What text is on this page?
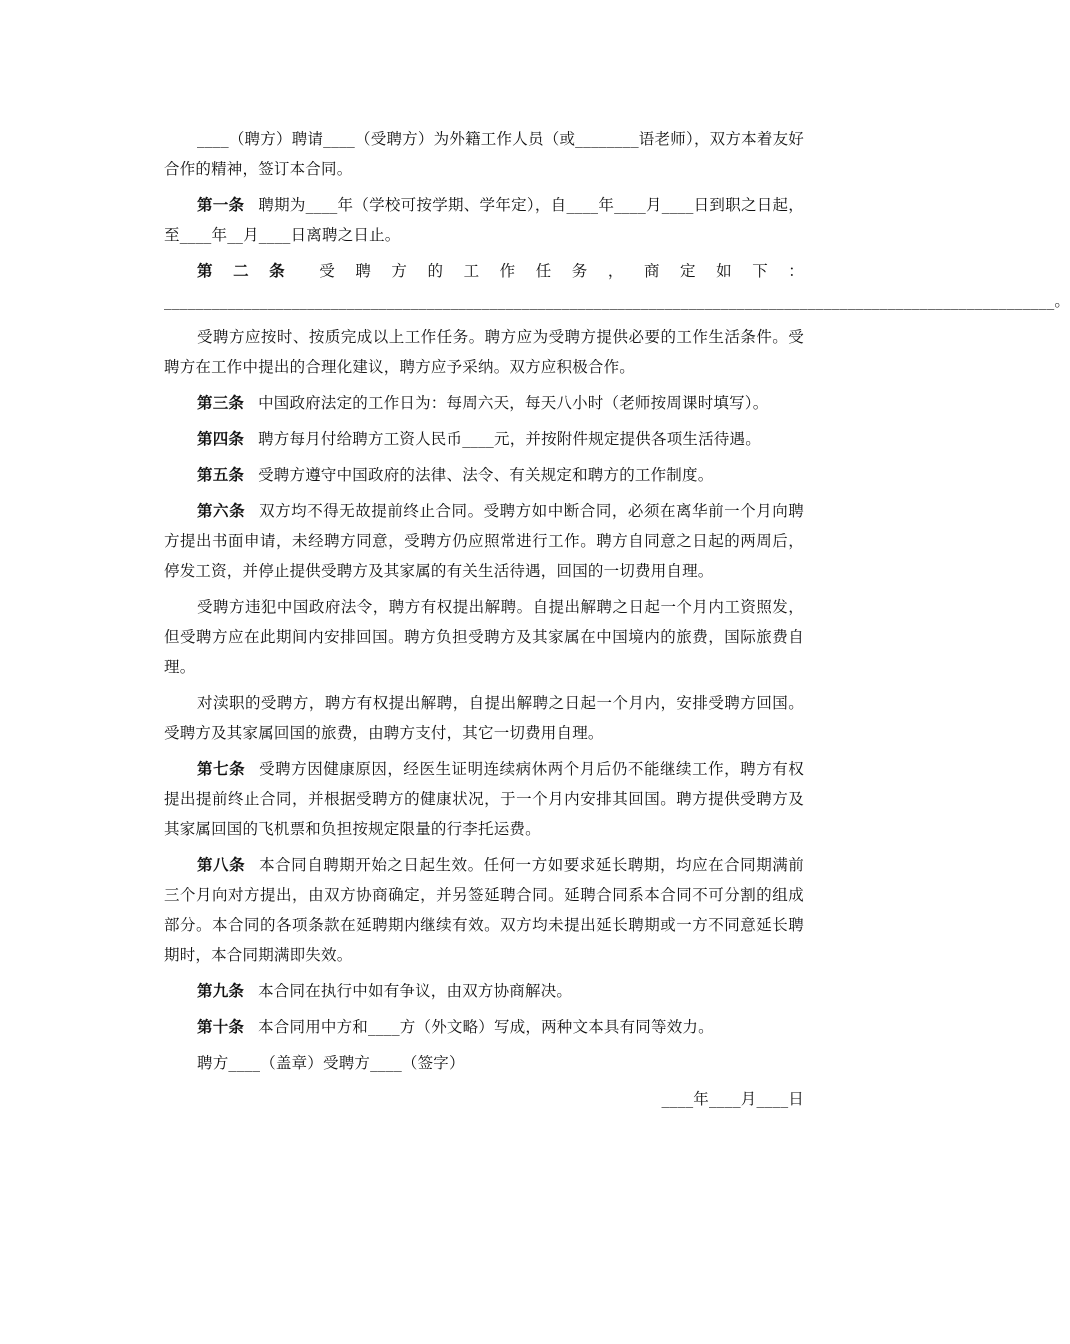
____（聘方）聘请____（受聘方）为外籍工作人员（或________语老师），双方本着友好合作的精神，签订本合同。

第一条 聘期为____年（学校可按学期、学年定），自____年____月____日到职之日起，至____年__月____日离聘之日止。

第二条 受聘方的工作任务，商定如下：________________________________________________________________________________________________________________。

受聘方应按时、按质完成以上工作任务。聘方应为受聘方提供必要的工作生活条件。受聘方在工作中提出的合理化建议，聘方应予采纳。双方应积极合作。

第三条 中国政府法定的工作日为：每周六天，每天八小时（老师按周课时填写）。

第四条 聘方每月付给聘方工资人民币____元，并按附件规定提供各项生活待遇。

第五条 受聘方遵守中国政府的法律、法令、有关规定和聘方的工作制度。

第六条 双方均不得无故提前终止合同。受聘方如中断合同，必须在离华前一个月向聘方提出书面申请，未经聘方同意，受聘方仍应照常进行工作。聘方自同意之日起的两周后，停发工资，并停止提供受聘方及其家属的有关生活待遇，回国的一切费用自理。

受聘方违犯中国政府法令，聘方有权提出解聘。自提出解聘之日起一个月内工资照发，但受聘方应在此期间内安排回国。聘方负担受聘方及其家属在中国境内的旅费，国际旅费自理。

对渎职的受聘方，聘方有权提出解聘，自提出解聘之日起一个月内，安排受聘方回国。受聘方及其家属回国的旅费，由聘方支付，其它一切费用自理。

第七条 受聘方因健康原因，经医生证明连续病休两个月后仍不能继续工作，聘方有权提出提前终止合同，并根据受聘方的健康状况，于一个月内安排其回国。聘方提供受聘方及其家属回国的飞机票和负担按规定限量的行李托运费。

第八条 本合同自聘期开始之日起生效。任何一方如要求延长聘期，均应在合同期满前三个月向对方提出，由双方协商确定，并另签延聘合同。延聘合同系本合同不可分割的组成部分。本合同的各项条款在延聘期内继续有效。双方均未提出延长聘期或一方不同意延长聘期时，本合同期满即失效。

第九条 本合同在执行中如有争议，由双方协商解决。

第十条 本合同用中方和____方（外文略）写成，两种文本具有同等效力。

聘方____（盖章）受聘方____（签字）

____年____月____日
